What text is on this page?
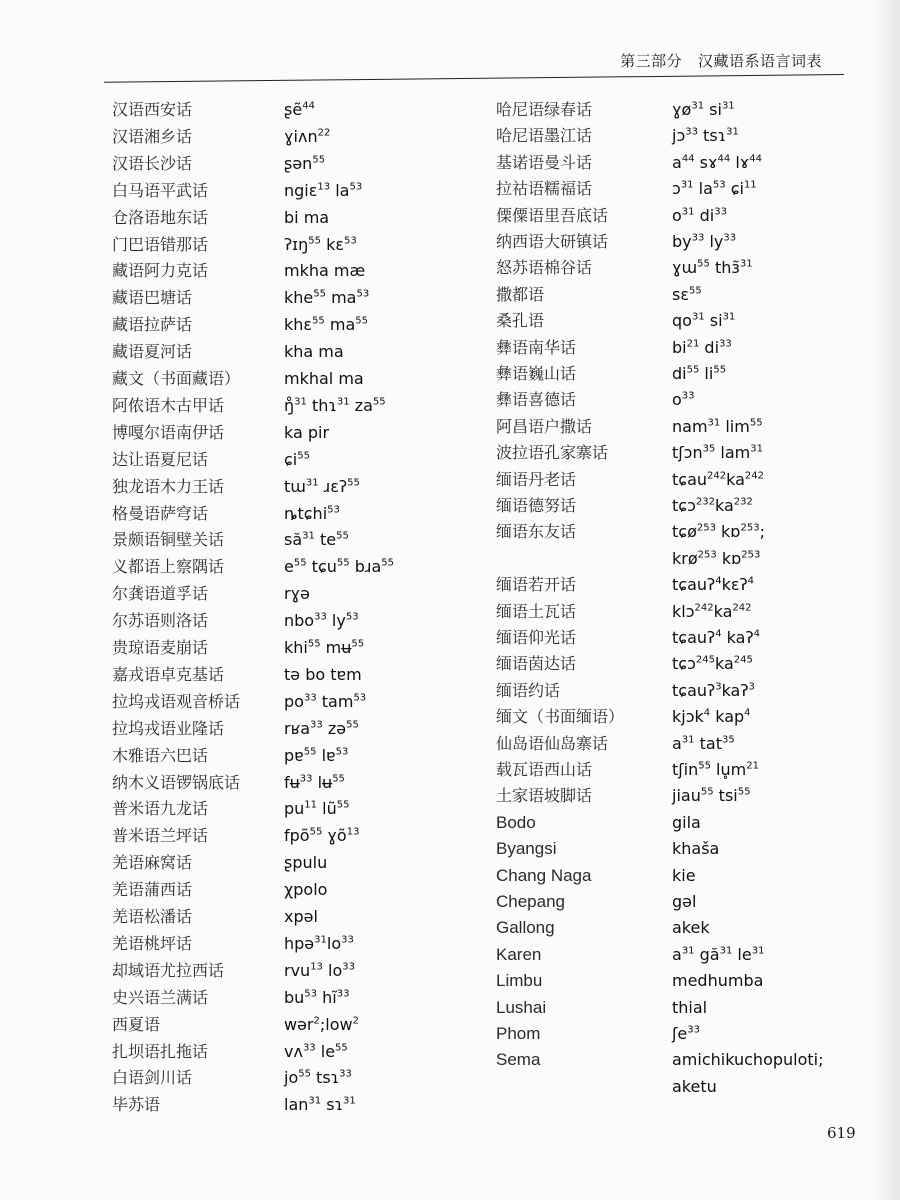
第三部分 汉藏语系语言词表
汉语西安话	ʂẽ$^{44}$
汉语湘乡话	ɣiʌn$^{22}$
汉语长沙话	ʂən$^{55}$
白马语平武话	ngiɛ$^{13}$ $la^{53}$
仓洛语地东话	bi ma
门巴语错那话	ʔɪŋ$^{55}$ kɛ$^{53}$
藏语阿力克话	mkha mæ
藏语巴塘话	khe$^{55}$ $ma^{53}$
藏语拉萨话	khɛ$^{55}$ $ma^{55}$
藏语夏河话	kha ma
藏文（书面藏语）	mkhal ma
阿侬语木古甲话	ŋ̊$^{31}$ thɿ$^{31}$ $za^{55}$
博嘎尔语南伊话	ka pir
达让语夏尼话	ɕi$^{55}$
独龙语木力王话	tɯ$^{31}$ ɹɛʔ$^{55}$
格曼语萨穹话	ȵtɕhi$^{53}$
景颇语铜壁关话	$să^{31}$ $te^{55}$
义都语上察隅话	$e^{55}$ tɕu$^{55}$ bɹa$^{55}$
尔龚语道孚话	rɣə
尔苏语则洛话	nbo$^{33}$ $ly^{53}$
贵琼语麦崩话	khi$^{55}$ mʉ$^{55}$
嘉戎语卓克基话	tə bo tɐm
拉坞戎语观音桥话	$po^{33}$ tam$^{53}$
拉坞戎语业隆话	rʁa$^{33}$ zə$^{55}$
木雅语六巴话	pɐ$^{55}$ lɐ$^{53}$
纳木义语锣锅底话	fʉ$^{33}$ lʉ$^{55}$
普米语九龙话	$pu^{11}$ $lũ^{55}$
普米语兰坪话	fpõ$^{55}$ ɣõ$^{13}$
羌语麻窝话	ʂpulu
羌语蒲西话	χpolo
羌语松潘话	xpəl
羌语桃坪话	$hpə^{31}lo^{33}$
却域语尤拉西话	rvu$^{13}$ $lo^{33}$
史兴语兰满话	$bu^{53}$ $hĩ^{33}$
西夏语	wər$^2$;low$^2$
扎坝语扎拖话	vʌ$^{33}$ $le^{55}$
白语剑川话	$jo^{55}$ tsɿ$^{33}$
毕苏语	lan$^{31}$ sɿ$^{31}$
哈尼语绿春话	ɣø$^{31}$ $si^{31}$
哈尼语墨江话	jɔ$^{33}$ tsɿ$^{31}$
基诺语曼斗话	$a^{44}$ sɤ$^{44}$ lɤ$^{44}$
拉祜语糯福话	ɔ$^{31}$ $la^{53}$ ɕi$^{11}$
傈僳语里吾底话	$o^{31}$ $di^{33}$
纳西语大研镇话	$by^{33}$ $ly^{33}$
怒苏语棉谷话	ɣɯ$^{55}$ thɜ̃$^{31}$
撒都语	sɛ$^{55}$
桑孔语	$qo^{31}$ $si^{31}$
彝语南华话	$bi^{21}$ $di^{33}$
彝语巍山话	$di^{55}$ $li^{55}$
彝语喜德话	$o^{33}$
阿昌语户撒话	nam$^{31}$ $\lim^{55}$
波拉语孔家寨话	tʃɔn$^{35}$ lam$^{31}$
缅语丹老话	$tɕau^{242}ka^{242}$
缅语德努话	$tɕɔ^{232}ka^{232}$
缅语东友话	tɕø$^{253}$ kɒ$^{253}$;
krø$^{253}$ kɒ$^{253}$
缅语若开话	tɕauʔ$^4$kɛʔ$^4$
缅语土瓦话	$klɔ^{242}ka^{242}$
缅语仰光话	tɕauʔ$^4$ kaʔ$^4$
缅语茵达话	$tɕɔ^{245}ka^{245}$
缅语约话	tɕauʔ$^3$kaʔ$^3$
缅文（书面缅语）	kjɔk$^4$ kap$^4$
仙岛语仙岛寨话	$a^{31}$ tat$^{35}$
载瓦语西山话	tʃin$^{55}$ $lu̥m^{21}$
土家语坡脚话	jiau$^{55}$ tsi$^{55}$
Bodo	gila
Byangsi	khaša
Chang Naga	kie
Chepang	gəl
Gallong	akek
Karen	$a^{31}$ $gă^{31}$ $le^{31}$
Limbu	medhumba
Lushai	thial
Phom	ʃe$^{33}$
Sema	amichikuchopuloti;
aketu
619
